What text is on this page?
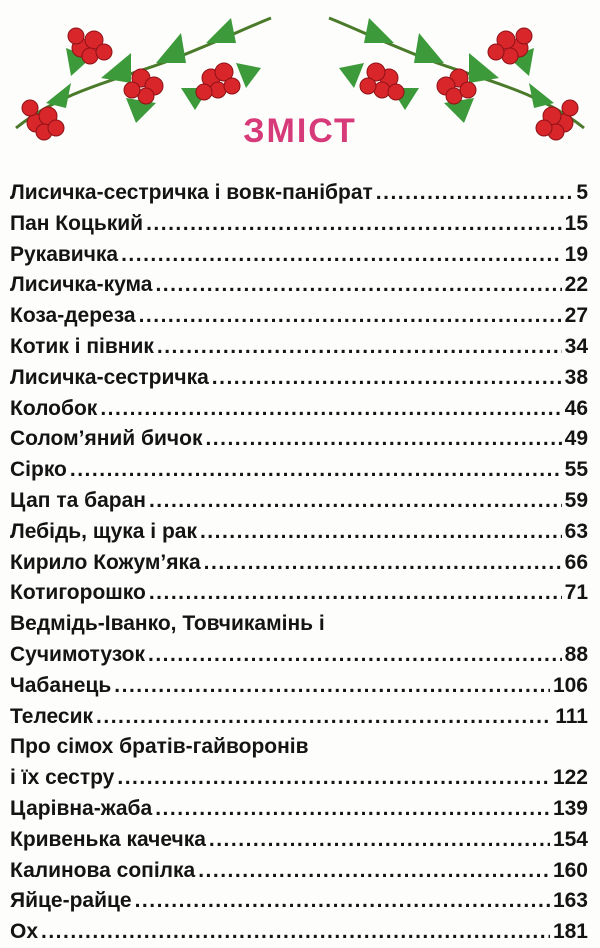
ЗМІСТ
Лисичка-сестричка і вовк-панібрат .....	5
Пан Коцький .....	15
Рукавичка .....	19
Лисичка-кума .....	22
Коза-дереза .....	27
Котик і півник .....	34
Лисичка-сестричка .....	38
Колобок .....	46
Солом’яний бичок .....	49
Сірко .....	55
Цап та баран .....	59
Лебідь, щука і рак .....	63
Кирило Кожум’яка .....	66
Котигорошко .....	71
Ведмідь-Іванко, Товчикамінь і
Сучимотузок .....	88
Чабанець .....	106
Телесик .....	111
Про сімох братів-гайворонів
і їх сестру .....	122
Царівна-жаба .....	139
Кривенька качечка .....	154
Калинова сопілка .....	160
Яйце-райце .....	163
Ох .....	181
